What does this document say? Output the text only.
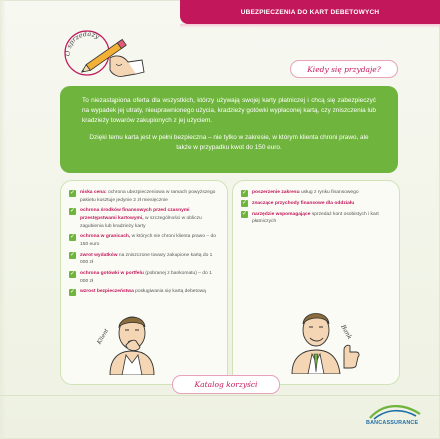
UBEZPIECZENIA DO KART DEBETOWYCH
O sprzedaży
Kiedy się przydaje?

To niezastąpiona oferta dla wszystkich, którzy używają swojej karty płatniczej i chcą się zabezpieczyć na wypadek jej utraty, nieuprawnionego użycia, kradzieży gotówki wypłaconej kartą, czy zniszczenia lub kradzieży towarów zakupionych z jej użyciem.

Dzięki temu karta jest w pełni bezpieczna – nie tylko w zakresie, w którym klienta chroni prawo, ale także w przypadku kwot do 150 euro.

✓ niska cena: ochrona ubezpieczeniowa w ramach powyższego pakietu kosztuje jedynie 2 zł miesięcznie
✓ ochrona środków finansowych przed czasnymi przestępstwami kartowymi, w szczególności w obliczu zagubienia lub kradzieży karty
✓ ochrona w granicach, w których nie chroni klienta prawo – do 150 euro
✓ zwrot wydatków na zniszczone towary zakupione kartą do 1 000 zł
✓ ochrona gotówki w portfelu (pobranej z bankomatu) – do 1 000 zł
✓ wzrost bezpieczeństwa posługiwania się kartą debetową
✓ poszerzenie zakresu usług z rynku finansowego
✓ znaczące przychody finansowe dla oddziału
✓ narzędzie wspomagające sprzedaż kont osobistych i kart płatniczych
Klient	Bank
Katalog korzyści
BANCASSURANCE
